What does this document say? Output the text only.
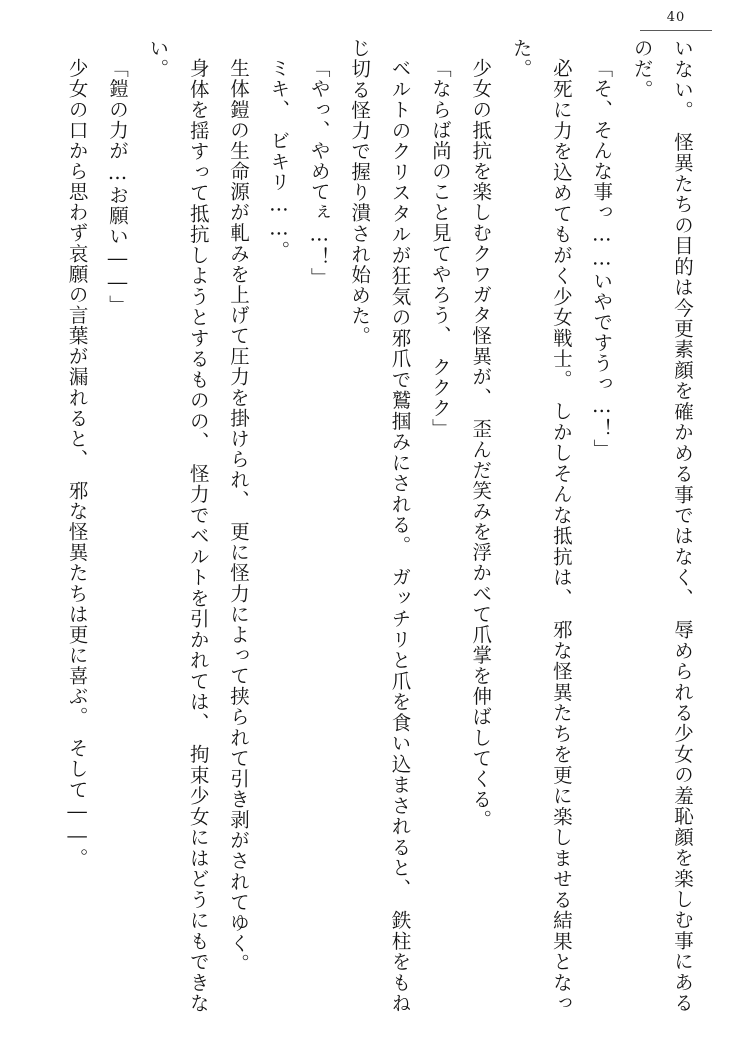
40

いない。　怪異たちの目的は今更素顔を確かめる事ではなく、　辱められる少女の羞恥顔を楽しむ事にあるのだ。

「そ、そんな事っ……いやですうっ…！」

必死に力を込めてもがく少女戦士。　しかしそんな抵抗は、　邪な怪異たちを更に楽しませる結果となった。

少女の抵抗を楽しむクワガタ怪異が、　歪んだ笑みを浮かべて爪掌を伸ばしてくる。

「ならば尚のこと見てやろう、　ククク」

ベルトのクリスタルが狂気の邪爪で鷲掴みにされる。　ガッチリと爪を食い込まされると、　鉄柱をもねじ切る怪力で握り潰され始めた。

「やっ、やめてぇ…！」

ミキ、　ビキリ……。

生体鎧の生命源が軋みを上げて圧力を掛けられ、　更に怪力によって挟られて引き剥がされてゆく。

身体を揺すって抵抗しようとするものの、　怪力でベルトを引かれては、　拘束少女にはどうにもできない。

「鎧の力が…お願い――」

少女の口から思わず哀願の言葉が漏れると、　邪な怪異たちは更に喜ぶ。　そして――。
